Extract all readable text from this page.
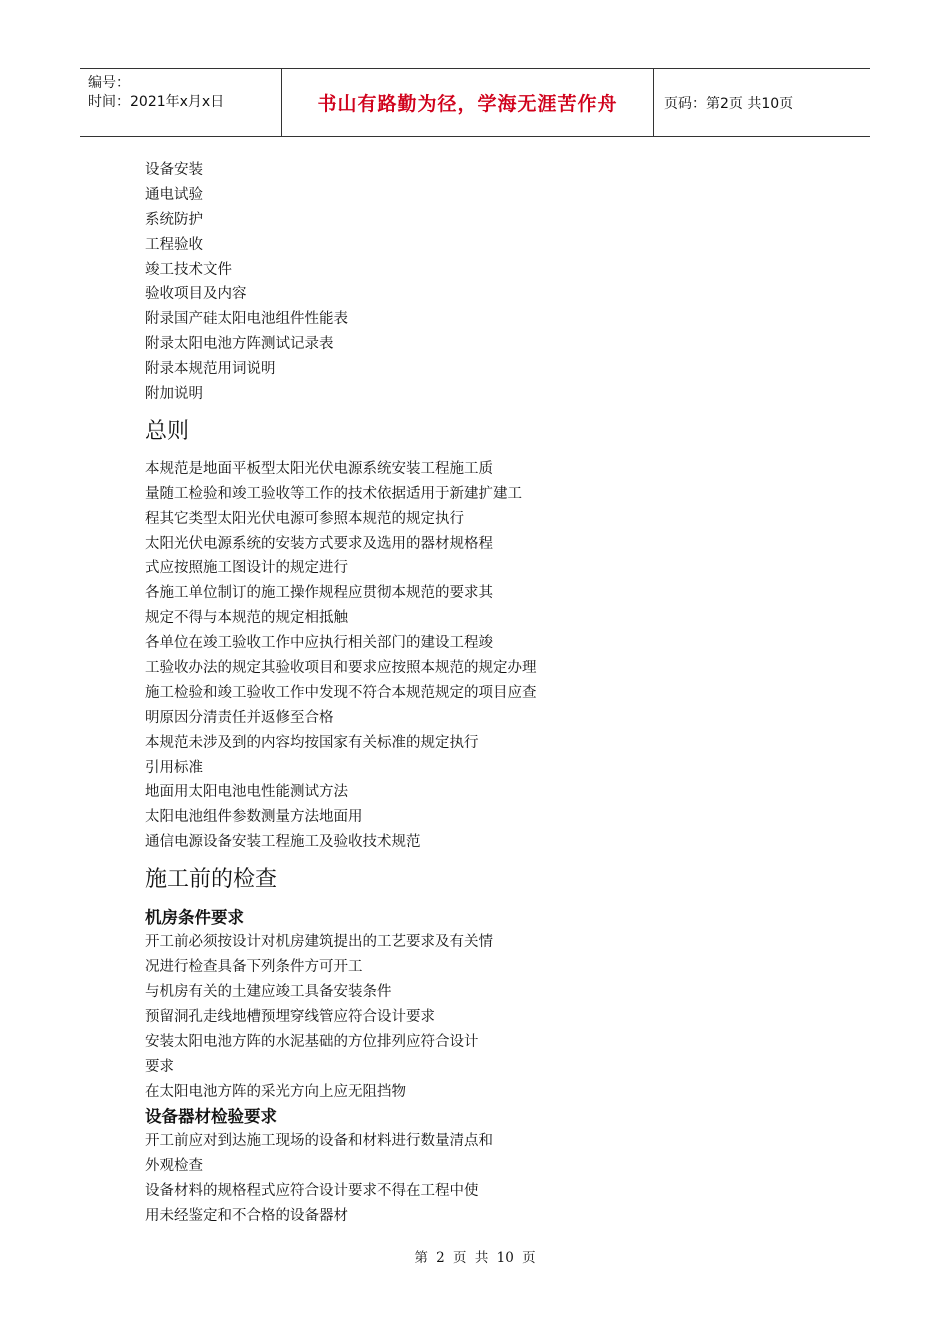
编号：
时间：2021年x月x日	书山有路勤为径，学海无涯苦作舟	页码：第2页 共10页
设备安装
通电试验
系统防护
工程验收
竣工技术文件
验收项目及内容
附录国产硅太阳电池组件性能表
附录太阳电池方阵测试记录表
附录本规范用词说明
附加说明
总则
本规范是地面平板型太阳光伏电源系统安装工程施工质
量随工检验和竣工验收等工作的技术依据适用于新建扩建工
程其它类型太阳光伏电源可参照本规范的规定执行
太阳光伏电源系统的安装方式要求及选用的器材规格程
式应按照施工图设计的规定进行
各施工单位制订的施工操作规程应贯彻本规范的要求其
规定不得与本规范的规定相抵触
各单位在竣工验收工作中应执行相关部门的建设工程竣
工验收办法的规定其验收项目和要求应按照本规范的规定办理
施工检验和竣工验收工作中发现不符合本规范规定的项目应查
明原因分清责任并返修至合格
本规范未涉及到的内容均按国家有关标准的规定执行
引用标准
地面用太阳电池电性能测试方法
太阳电池组件参数测量方法地面用
通信电源设备安装工程施工及验收技术规范
施工前的检查
机房条件要求
开工前必须按设计对机房建筑提出的工艺要求及有关情
况进行检查具备下列条件方可开工
与机房有关的土建应竣工具备安装条件
预留洞孔走线地槽预埋穿线管应符合设计要求
安装太阳电池方阵的水泥基础的方位排列应符合设计
要求
在太阳电池方阵的采光方向上应无阻挡物
设备器材检验要求
开工前应对到达施工现场的设备和材料进行数量清点和
外观检查
设备材料的规格程式应符合设计要求不得在工程中使
用未经鉴定和不合格的设备器材
第 2 页 共 10 页
